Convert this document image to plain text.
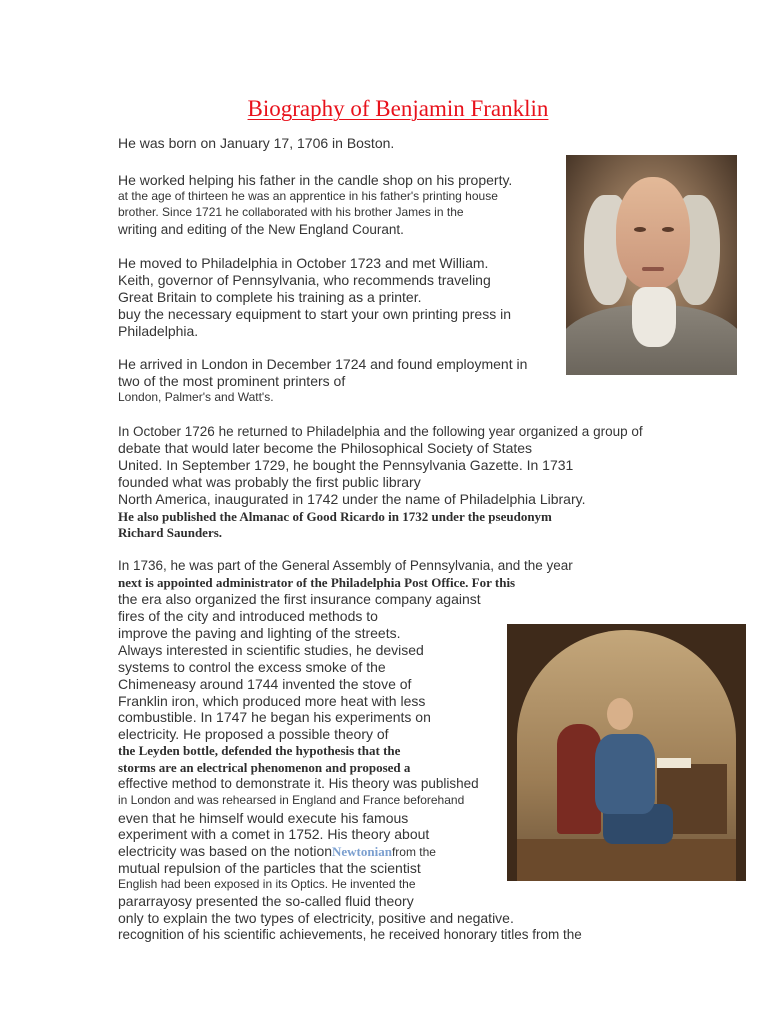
Biography of Benjamin Franklin
He was born on January 17, 1706 in Boston.
He worked helping his father in the candle shop on his property.
at the age of thirteen he was an apprentice in his father's printing house
brother. Since 1721 he collaborated with his brother James in the
writing and editing of the New England Courant.
He moved to Philadelphia in October 1723 and met William.
Keith, governor of Pennsylvania, who recommends traveling
Great Britain to complete his training as a printer.
buy the necessary equipment to start your own printing press in
Philadelphia.
He arrived in London in December 1724 and found employment in
two of the most prominent printers of
London, Palmer's and Watt's.
In October 1726 he returned to Philadelphia and the following year organized a group of
debate that would later become the Philosophical Society of States
United. In September 1729, he bought the Pennsylvania Gazette. In 1731
founded what was probably the first public library
North America, inaugurated in 1742 under the name of Philadelphia Library.
He also published the Almanac of Good Ricardo in 1732 under the pseudonym
Richard Saunders.
In 1736, he was part of the General Assembly of Pennsylvania, and the year
next is appointed administrator of the Philadelphia Post Office. For this
the era also organized the first insurance company against
fires of the city and introduced methods to
improve the paving and lighting of the streets.
Always interested in scientific studies, he devised
systems to control the excess smoke of the
Chimeneasy around 1744 invented the stove of
Franklin iron, which produced more heat with less
combustible. In 1747 he began his experiments on
electricity. He proposed a possible theory of
the Leyden bottle, defended the hypothesis that the
storms are an electrical phenomenon and proposed a
effective method to demonstrate it. His theory was published
in London and was rehearsed in England and France beforehand
even that he himself would execute his famous
experiment with a comet in 1752. His theory about
electricity was based on the notionNewtonianfrom the
mutual repulsion of the particles that the scientist
English had been exposed in its Optics. He invented the
pararrayosy presented the so-called fluid theory
only to explain the two types of electricity, positive and negative.
recognition of his scientific achievements, he received honorary titles from the
